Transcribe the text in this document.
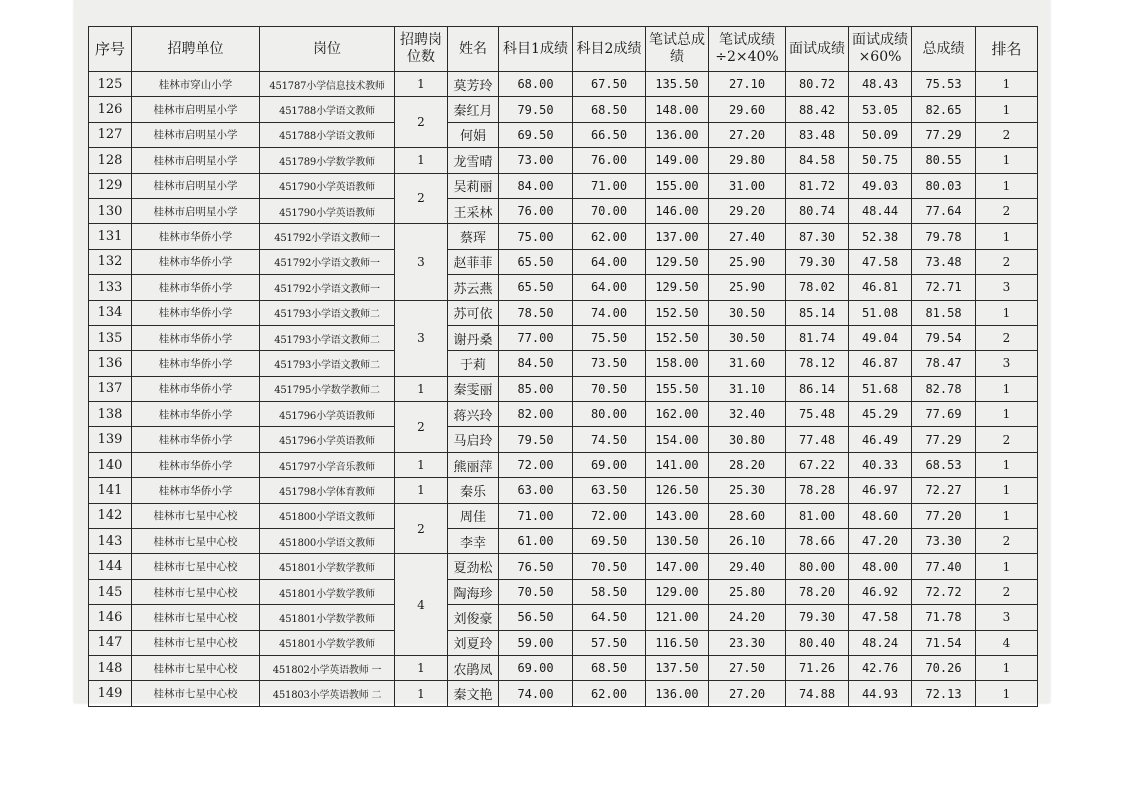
序号	招聘单位	岗位	招聘岗位数	姓名	科目1成绩	科目2成绩	笔试总成绩	笔试成绩÷2×40%	面试成绩	面试成绩×60%	总成绩	排名
125	桂林市穿山小学	451787小学信息技术教师	1	莫芳玲	68.00	67.50	135.50	27.10	80.72	48.43	75.53	1
126	桂林市启明星小学	451788小学语文教师	2	秦红月	79.50	68.50	148.00	29.60	88.42	53.05	82.65	1
127	桂林市启明星小学	451788小学语文教师		何娟	69.50	66.50	136.00	27.20	83.48	50.09	77.29	2
128	桂林市启明星小学	451789小学数学教师	1	龙雪晴	73.00	76.00	149.00	29.80	84.58	50.75	80.55	1
129	桂林市启明星小学	451790小学英语教师	2	吴莉丽	84.00	71.00	155.00	31.00	81.72	49.03	80.03	1
130	桂林市启明星小学	451790小学英语教师		王采林	76.00	70.00	146.00	29.20	80.74	48.44	77.64	2
131	桂林市华侨小学	451792小学语文教师一	3	蔡珲	75.00	62.00	137.00	27.40	87.30	52.38	79.78	1
132	桂林市华侨小学	451792小学语文教师一		赵菲菲	65.50	64.00	129.50	25.90	79.30	47.58	73.48	2
133	桂林市华侨小学	451792小学语文教师一		苏云燕	65.50	64.00	129.50	25.90	78.02	46.81	72.71	3
134	桂林市华侨小学	451793小学语文教师二	3	苏可依	78.50	74.00	152.50	30.50	85.14	51.08	81.58	1
135	桂林市华侨小学	451793小学语文教师二		谢丹桑	77.00	75.50	152.50	30.50	81.74	49.04	79.54	2
136	桂林市华侨小学	451793小学语文教师二		于莉	84.50	73.50	158.00	31.60	78.12	46.87	78.47	3
137	桂林市华侨小学	451795小学数学教师二	1	秦雯丽	85.00	70.50	155.50	31.10	86.14	51.68	82.78	1
138	桂林市华侨小学	451796小学英语教师	2	蒋兴玲	82.00	80.00	162.00	32.40	75.48	45.29	77.69	1
139	桂林市华侨小学	451796小学英语教师		马启玲	79.50	74.50	154.00	30.80	77.48	46.49	77.29	2
140	桂林市华侨小学	451797小学音乐教师	1	熊丽萍	72.00	69.00	141.00	28.20	67.22	40.33	68.53	1
141	桂林市华侨小学	451798小学体育教师	1	秦乐	63.00	63.50	126.50	25.30	78.28	46.97	72.27	1
142	桂林市七星中心校	451800小学语文教师	2	周佳	71.00	72.00	143.00	28.60	81.00	48.60	77.20	1
143	桂林市七星中心校	451800小学语文教师		李幸	61.00	69.50	130.50	26.10	78.66	47.20	73.30	2
144	桂林市七星中心校	451801小学数学教师	4	夏劲松	76.50	70.50	147.00	29.40	80.00	48.00	77.40	1
145	桂林市七星中心校	451801小学数学教师		陶海珍	70.50	58.50	129.00	25.80	78.20	46.92	72.72	2
146	桂林市七星中心校	451801小学数学教师		刘俊豪	56.50	64.50	121.00	24.20	79.30	47.58	71.78	3
147	桂林市七星中心校	451801小学数学教师		刘夏玲	59.00	57.50	116.50	23.30	80.40	48.24	71.54	4
148	桂林市七星中心校	451802小学英语教师 一	1	农鹃凤	69.00	68.50	137.50	27.50	71.26	42.76	70.26	1
149	桂林市七星中心校	451803小学英语教师 二	1	秦文艳	74.00	62.00	136.00	27.20	74.88	44.93	72.13	1
